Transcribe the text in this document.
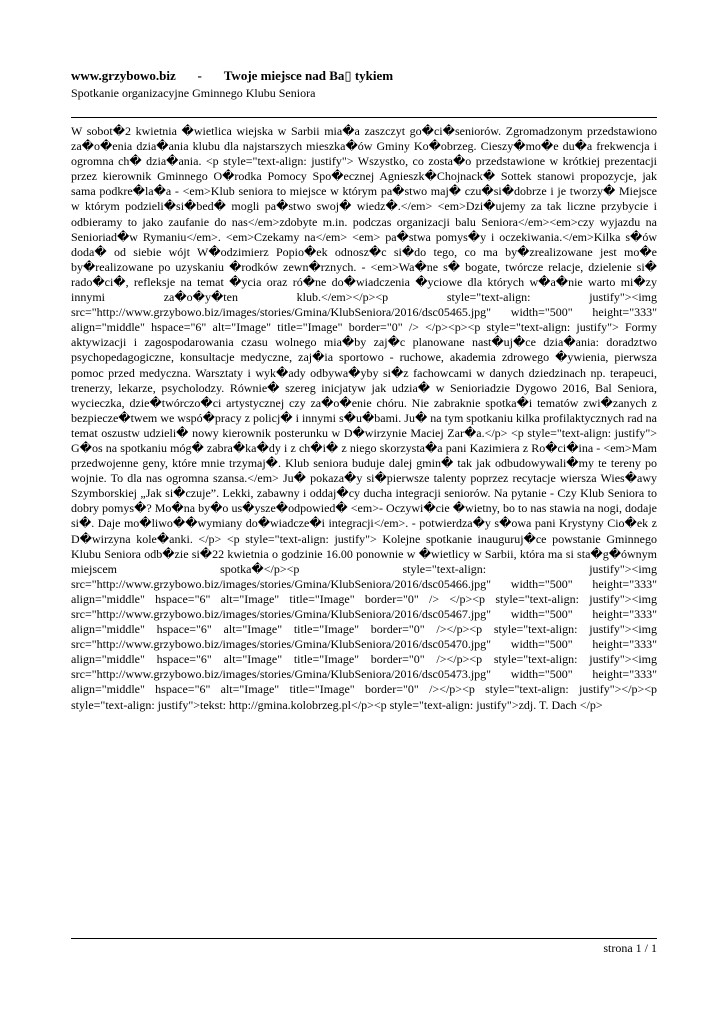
www.grzybowo.biz - Twoje miejsce nad Ba▯ tykiem
Spotkanie organizacyjne Gminnego Klubu Seniora

W sobot�2 kwietnia �wietlica wiejska w Sarbii mia�a zaszczyt go�ci�seniorów. Zgromadzonym przedstawiono za�o�enia dzia�ania klubu dla najstarszych mieszka�ów Gminy Ko�obrzeg. Cieszy�mo�e du�a frekwencja i ogromna ch� dzia�ania. <p style="text-align: justify"> Wszystko, co zosta�o przedstawione w krótkiej prezentacji przez kierownik Gminnego O�rodka Pomocy Spo�ecznej Agnieszk�Chojnack� Sottek stanowi propozycje, jak sama podkre�la�a - <em>Klub seniora to miejsce w którym pa�stwo maj� czu�si�dobrze i je tworzy� Miejsce w którym podzieli�si�bed� mogli pa�stwo swoj� wiedz�.</em> <em>Dzi�ujemy za tak liczne przybycie i odbieramy to jako zaufanie do nas</em>zdobyte m.in. podczas organizacji balu Seniora</em><em>czy wyjazdu na Senioriad�w Rymaniu</em>. <em>Czekamy na</em> <em> pa�stwa pomys�y i oczekiwania.</em>Kilka s�ów doda� od siebie wójt W�odzimierz Popio�ek odnosz�c si�do tego, co ma by�zrealizowane jest mo�e by�realizowane po uzyskaniu �rodków zewn�rznych. - <em>Wa�ne s� bogate, twórcze relacje, dzielenie si� rado�ci�, refleksje na temat �ycia oraz ró�ne do�wiadczenia �yciowe dla których w�a�nie warto mi�zy innymi za�o�y�ten klub.</em></p><p style="text-align: justify"><img src="http://www.grzybowo.biz/images/stories/Gmina/KlubSeniora/2016/dsc05465.jpg" width="500" height="333" align="middle" hspace="6" alt="Image" title="Image" border="0" /> </p><p><p style="text-align: justify"> Formy aktywizacji i zagospodarowania czasu wolnego mia�by zaj�c planowane nast�uj�ce dzia�ania: doradztwo psychopedagogiczne, konsultacje medyczne, zaj�ia sportowo - ruchowe, akademia zdrowego �ywienia, pierwsza pomoc przed medyczna. Warsztaty i wyk�ady odbywa�yby si�z fachowcami w danych dziedzinach np. terapeuci, trenerzy, lekarze, psycholodzy. Równie� szereg inicjatyw jak udzia� w Senioriadzie Dygowo 2016, Bal Seniora, wycieczka, dzie�twórczo�ci artystycznej czy za�o�enie chóru. Nie zabraknie spotka�i tematów zwi�zanych z bezpiecze�twem we wspó�pracy z policj� i innymi s�u�bami. Ju� na tym spotkaniu kilka profilaktycznych rad na temat oszustw udzieli� nowy kierownik posterunku w D�wirzynie Maciej Zar�a.</p> <p style="text-align: justify"> G�os na spotkaniu móg� zabra�ka�dy i z ch�i� z niego skorzysta�a pani Kazimiera z Ro�ci�ina - <em>Mam przedwojenne geny, które mnie trzymaj�. Klub seniora buduje dalej gmin� tak jak odbudowywali�my te tereny po wojnie. To dla nas ogromna szansa.</em> Ju� pokaza�y si�pierwsze talenty poprzez recytacje wiersza Wies�awy Szymborskiej „Jak si�czuje”. Lekki, zabawny i oddaj�cy ducha integracji seniorów. Na pytanie - Czy Klub Seniora to dobry pomys�? Mo�na by�o us�ysze�odpowied� <em>- Oczywi�cie �wietny, bo to nas stawia na nogi, dodaje si�. Daje mo�liwo��wymiany do�wiadcze�i integracji</em>. - potwierdza�y s�owa pani Krystyny Cio�ek z D�wirzyna kole�anki. </p> <p style="text-align: justify"> Kolejne spotkanie inauguruj�ce powstanie Gminnego Klubu Seniora odb�zie si�22 kwietnia o godzinie 16.00 ponownie w �wietlicy w Sarbii, która ma si sta�g�ównym miejscem spotka�</p><p style="text-align: justify"><img src="http://www.grzybowo.biz/images/stories/Gmina/KlubSeniora/2016/dsc05466.jpg" width="500" height="333" align="middle" hspace="6" alt="Image" title="Image" border="0" /> </p><p style="text-align: justify"><img src="http://www.grzybowo.biz/images/stories/Gmina/KlubSeniora/2016/dsc05467.jpg" width="500" height="333" align="middle" hspace="6" alt="Image" title="Image" border="0" /></p><p style="text-align: justify"><img src="http://www.grzybowo.biz/images/stories/Gmina/KlubSeniora/2016/dsc05470.jpg" width="500" height="333" align="middle" hspace="6" alt="Image" title="Image" border="0" /></p><p style="text-align: justify"><img src="http://www.grzybowo.biz/images/stories/Gmina/KlubSeniora/2016/dsc05473.jpg" width="500" height="333" align="middle" hspace="6" alt="Image" title="Image" border="0" /></p><p style="text-align: justify"></p><p style="text-align: justify">tekst: http://gmina.kolobrzeg.pl</p><p style="text-align: justify">zdj. T. Dach </p>

strona 1 / 1
